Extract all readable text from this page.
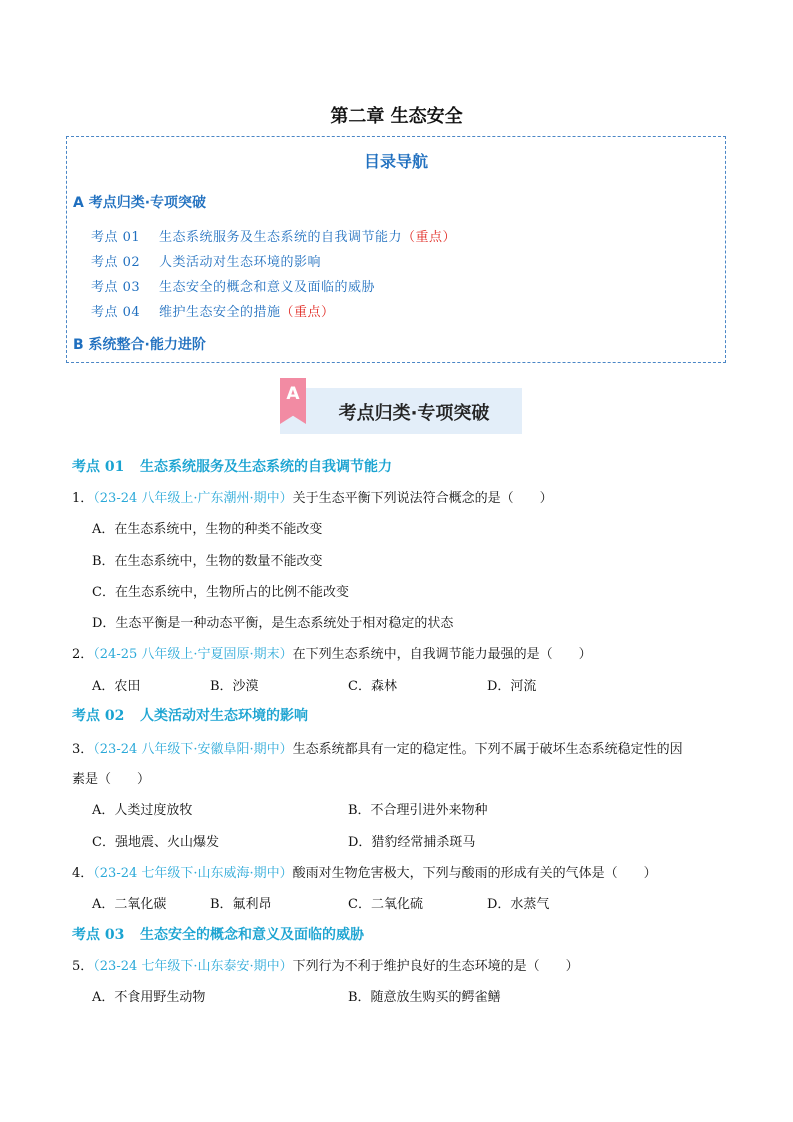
第二章 生态安全
目录导航
A 考点归类·专项突破
考点 01 生态系统服务及生态系统的自我调节能力（重点）
考点 02 人类活动对生态环境的影响
考点 03 生态安全的概念和意义及面临的威胁
考点 04 维护生态安全的措施（重点）
B 系统整合·能力进阶
A
考点归类·专项突破
考点 01 生态系统服务及生态系统的自我调节能力
1．（23-24 八年级上·广东潮州·期中）关于生态平衡下列说法符合概念的是（　　）
A．在生态系统中，生物的种类不能改变
B．在生态系统中，生物的数量不能改变
C．在生态系统中，生物所占的比例不能改变
D．生态平衡是一种动态平衡，是生态系统处于相对稳定的状态
2．（24-25 八年级上·宁夏固原·期末）在下列生态系统中，自我调节能力最强的是（　　）
A．农田	B．沙漠	C．森林	D．河流
考点 02 人类活动对生态环境的影响
3．（23-24 八年级下·安徽阜阳·期中）生态系统都具有一定的稳定性。下列不属于破坏生态系统稳定性的因
素是（　　）
A．人类过度放牧	B．不合理引进外来物种
C．强地震、火山爆发	D．猎豹经常捕杀斑马
4．（23-24 七年级下·山东威海·期中）酸雨对生物危害极大，下列与酸雨的形成有关的气体是（　　）
A．二氧化碳	B．氟利昂	C．二氧化硫	D．水蒸气
考点 03 生态安全的概念和意义及面临的威胁
5．（23-24 七年级下·山东泰安·期中）下列行为不利于维护良好的生态环境的是（　　）
A．不食用野生动物	B．随意放生购买的鳄雀鳝
